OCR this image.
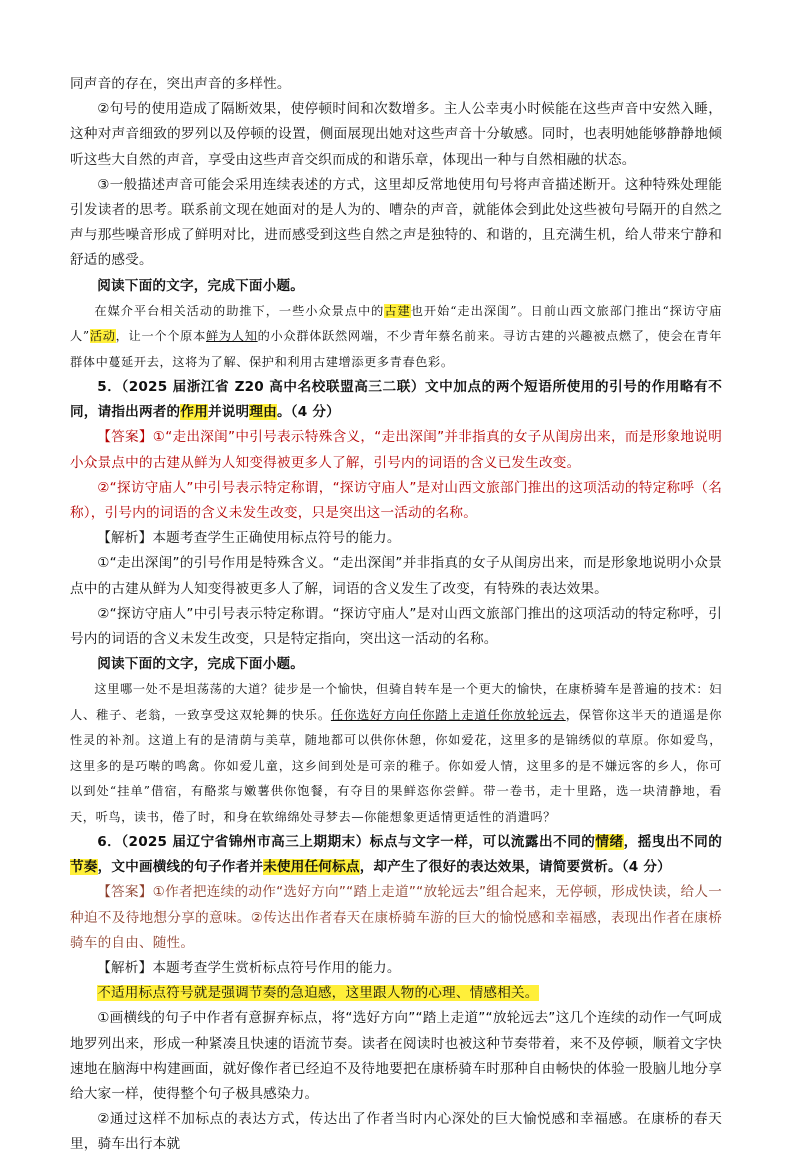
同声音的存在，突出声音的多样性。

②句号的使用造成了隔断效果，使停顿时间和次数增多。主人公幸夷小时候能在这些声音中安然入睡，这种对声音细致的罗列以及停顿的设置，侧面展现出她对这些声音十分敏感。同时，也表明她能够静静地倾听这些大自然的声音，享受由这些声音交织而成的和谐乐章，体现出一种与自然相融的状态。

③一般描述声音可能会采用连续表述的方式，这里却反常地使用句号将声音描述断开。这种特殊处理能引发读者的思考。联系前文现在她面对的是人为的、嘈杂的声音，就能体会到此处这些被句号隔开的自然之声与那些噪音形成了鲜明对比，进而感受到这些自然之声是独特的、和谐的，且充满生机，给人带来宁静和舒适的感受。

阅读下面的文字，完成下面小题。

在媒介平台相关活动的助推下，一些小众景点中的古建也开始“走出深闺”。日前山西文旅部门推出“探访守庙人”活动，让一个个原本鲜为人知的小众群体跃然网端，不少青年蔡名前来。寻访古建的兴趣被点燃了，使会在青年群体中蔓延开去，这将为了解、保护和利用古建增添更多青春色彩。

5．（2025 届浙江省 Z20 高中名校联盟高三二联）文中加点的两个短语所使用的引号的作用略有不同，请指出两者的作用并说明理由。（4 分）

【答案】①“走出深闺”中引号表示特殊含义，“走出深闺”并非指真的女子从闺房出来，而是形象地说明小众景点中的古建从鲜为人知变得被更多人了解，引号内的词语的含义已发生改变。

②“探访守庙人”中引号表示特定称谓，“探访守庙人”是对山西文旅部门推出的这项活动的特定称呼（名称），引号内的词语的含义未发生改变，只是突出这一活动的名称。

【解析】本题考查学生正确使用标点符号的能力。

①“走出深闺”的引号作用是特殊含义。“走出深闺”并非指真的女子从闺房出来，而是形象地说明小众景点中的古建从鲜为人知变得被更多人了解，词语的含义发生了改变，有特殊的表达效果。

②“探访守庙人”中引号表示特定称谓。“探访守庙人”是对山西文旅部门推出的这项活动的特定称呼，引号内的词语的含义未发生改变，只是特定指向，突出这一活动的名称。

阅读下面的文字，完成下面小题。

这里哪一处不是坦荡荡的大道？徒步是一个愉快，但骑自转车是一个更大的愉快，在康桥骑车是普遍的技术：妇人、稚子、老翁，一致享受这双轮舞的快乐。任你选好方向任你踏上走道任你放轮远去，保管你这半天的逍遥是你性灵的补剂。这道上有的是清荫与美草，随地都可以供你休憩，你如爱花，这里多的是锦绣似的草原。你如爱鸟，这里多的是巧啭的鸣禽。你如爱儿童，这乡间到处是可亲的稚子。你如爱人情，这里多的是不嫌远客的乡人，你可以到处“挂单”借宿，有酪浆与嫩薯供你饱餐，有夺目的果鲜恣你尝鲜。带一卷书，走十里路，选一块清静地，看天，听鸟，读书，倦了时，和身在软绵绵处寻梦去—你能想象更适情更适性的消遣吗？

6．（2025 届辽宁省锦州市高三上期期末）标点与文字一样，可以流露出不同的情绪，摇曳出不同的节奏，文中画横线的句子作者并未使用任何标点，却产生了很好的表达效果，请简要赏析。（4 分）

【答案】①作者把连续的动作“选好方向”“踏上走道”“放轮远去”组合起来，无停顿，形成快读，给人一种迫不及待地想分享的意味。②传达出作者春天在康桥骑车游的巨大的愉悦感和幸福感，表现出作者在康桥骑车的自由、随性。

【解析】本题考查学生赏析标点符号作用的能力。

不适用标点符号就是强调节奏的急迫感，这里跟人物的心理、情感相关。

①画横线的句子中作者有意摒弃标点，将“选好方向”“踏上走道”“放轮远去”这几个连续的动作一气呵成地罗列出来，形成一种紧凑且快速的语流节奏。读者在阅读时也被这种节奏带着，来不及停顿，顺着文字快速地在脑海中构建画面，就好像作者已经迫不及待地要把在康桥骑车时那种自由畅快的体验一股脑儿地分享给大家一样，使得整个句子极具感染力。

②通过这样不加标点的表达方式，传达出了作者当时内心深处的巨大愉悦感和幸福感。在康桥的春天里，骑车出行本就
